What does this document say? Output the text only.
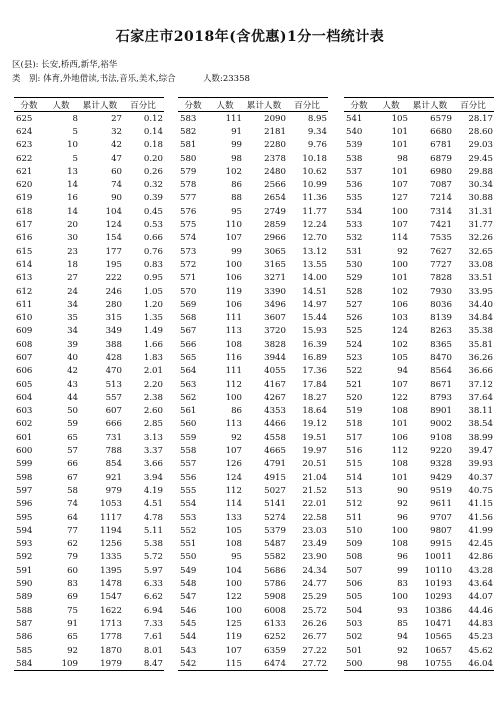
石家庄市2018年(含优惠)1分一档统计表
区(县): 长安,桥西,新华,裕华
类　别: 体育,外地借读,书法,音乐,美术,综合	人数:23358
分数	人数	累计人数	百分比
625	8	27	0.12
624	5	32	0.14
623	10	42	0.18
622	5	47	0.20
621	13	60	0.26
620	14	74	0.32
619	16	90	0.39
618	14	104	0.45
617	20	124	0.53
616	30	154	0.66
615	23	177	0.76
614	18	195	0.83
613	27	222	0.95
612	24	246	1.05
611	34	280	1.20
610	35	315	1.35
609	34	349	1.49
608	39	388	1.66
607	40	428	1.83
606	42	470	2.01
605	43	513	2.20
604	44	557	2.38
603	50	607	2.60
602	59	666	2.85
601	65	731	3.13
600	57	788	3.37
599	66	854	3.66
598	67	921	3.94
597	58	979	4.19
596	74	1053	4.51
595	64	1117	4.78
594	77	1194	5.11
593	62	1256	5.38
592	79	1335	5.72
591	60	1395	5.97
590	83	1478	6.33
589	69	1547	6.62
588	75	1622	6.94
587	91	1713	7.33
586	65	1778	7.61
585	92	1870	8.01
584	109	1979	8.47
分数	人数	累计人数	百分比
583	111	2090	8.95
582	91	2181	9.34
581	99	2280	9.76
580	98	2378	10.18
579	102	2480	10.62
578	86	2566	10.99
577	88	2654	11.36
576	95	2749	11.77
575	110	2859	12.24
574	107	2966	12.70
573	99	3065	13.12
572	100	3165	13.55
571	106	3271	14.00
570	119	3390	14.51
569	106	3496	14.97
568	111	3607	15.44
567	113	3720	15.93
566	108	3828	16.39
565	116	3944	16.89
564	111	4055	17.36
563	112	4167	17.84
562	100	4267	18.27
561	86	4353	18.64
560	113	4466	19.12
559	92	4558	19.51
558	107	4665	19.97
557	126	4791	20.51
556	124	4915	21.04
555	112	5027	21.52
554	114	5141	22.01
553	133	5274	22.58
552	105	5379	23.03
551	108	5487	23.49
550	95	5582	23.90
549	104	5686	24.34
548	100	5786	24.77
547	122	5908	25.29
546	100	6008	25.72
545	125	6133	26.26
544	119	6252	26.77
543	107	6359	27.22
542	115	6474	27.72
分数	人数	累计人数	百分比
541	105	6579	28.17
540	101	6680	28.60
539	101	6781	29.03
538	98	6879	29.45
537	101	6980	29.88
536	107	7087	30.34
535	127	7214	30.88
534	100	7314	31.31
533	107	7421	31.77
532	114	7535	32.26
531	92	7627	32.65
530	100	7727	33.08
529	101	7828	33.51
528	102	7930	33.95
527	106	8036	34.40
526	103	8139	34.84
525	124	8263	35.38
524	102	8365	35.81
523	105	8470	36.26
522	94	8564	36.66
521	107	8671	37.12
520	122	8793	37.64
519	108	8901	38.11
518	101	9002	38.54
517	106	9108	38.99
516	112	9220	39.47
515	108	9328	39.93
514	101	9429	40.37
513	90	9519	40.75
512	92	9611	41.15
511	96	9707	41.56
510	100	9807	41.99
509	108	9915	42.45
508	96	10011	42.86
507	99	10110	43.28
506	83	10193	43.64
505	100	10293	44.07
504	93	10386	44.46
503	85	10471	44.83
502	94	10565	45.23
501	92	10657	45.62
500	98	10755	46.04
